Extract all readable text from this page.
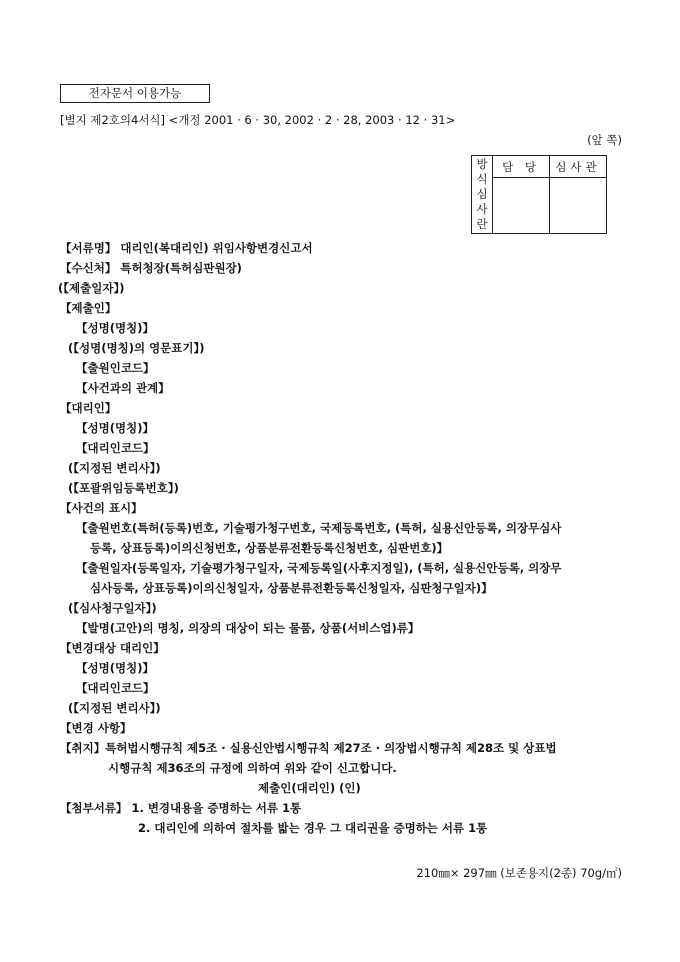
전자문서 이용가능
[별지 제2호의4서식] <개정 2001 · 6 · 30, 2002 · 2 · 28, 2003 · 12 · 31>
(앞 쪽)
방
식
심
사
란	담 당	심사관

【서류명】 대리인(복대리인) 위임사항변경신고서
【수신처】 특허청장(특허심판원장)
(【제출일자】)
【제출인】
【성명(명칭)】
(【성명(명칭)의 영문표기】)
【출원인코드】
【사건과의 관계】
【대리인】
【성명(명칭)】
【대리인코드】
(【지정된 변리사】)
(【포괄위임등록번호】)
【사건의 표시】
【출원번호(특허(등록)번호, 기술평가청구번호, 국제등록번호, (특허, 실용신안등록, 의장무심사
등록, 상표등록)이의신청번호, 상품분류전환등록신청번호, 심판번호)】
【출원일자(등록일자, 기술평가청구일자, 국제등록일(사후지정일), (특허, 실용신안등록, 의장무
심사등록, 상표등록)이의신청일자, 상품분류전환등록신청일자, 심판청구일자)】
(【심사청구일자】)
【발명(고안)의 명칭, 의장의 대상이 되는 물품, 상품(서비스업)류】
【변경대상 대리인】
【성명(명칭)】
【대리인코드】
(【지정된 변리사】)
【변경 사항】
【취지】특허법시행규칙 제5조 · 실용신안법시행규칙 제27조 · 의장법시행규칙 제28조 및 상표법
시행규칙 제36조의 규정에 의하여 위와 같이 신고합니다.
제출인(대리인) (인)
【첨부서류】 1. 변경내용을 증명하는 서류 1통
2. 대리인에 의하여 절차를 밟는 경우 그 대리권을 증명하는 서류 1통
210㎜× 297㎜ (보존용지(2종) 70g/㎡)
